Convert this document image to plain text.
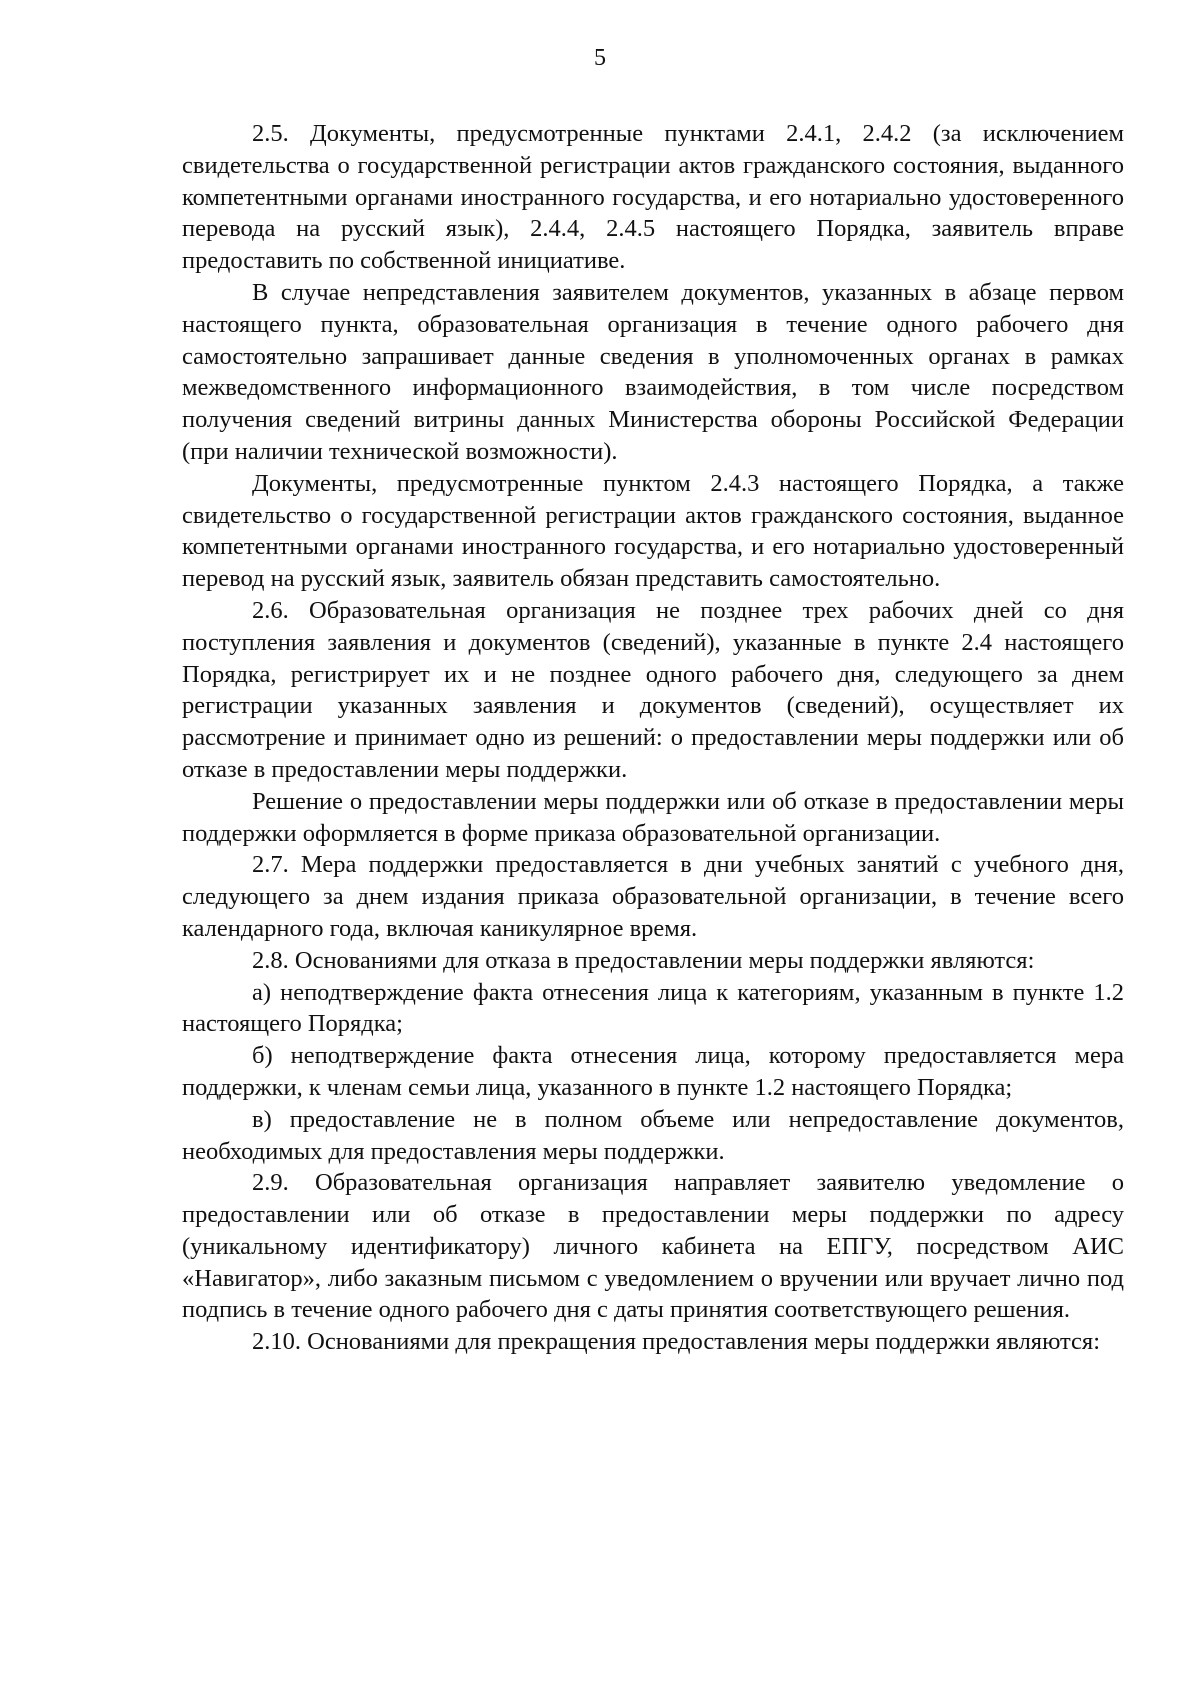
5

2.5. Документы, предусмотренные пунктами 2.4.1, 2.4.2 (за исключением свидетельства о государственной регистрации актов гражданского состояния, выданного компетентными органами иностранного государства, и его нотариально удостоверенного перевода на русский язык), 2.4.4, 2.4.5 настоящего Порядка, заявитель вправе предоставить по собственной инициативе.

В случае непредставления заявителем документов, указанных в абзаце первом настоящего пункта, образовательная организация в течение одного рабочего дня самостоятельно запрашивает данные сведения в уполномоченных органах в рамках межведомственного информационного взаимодействия, в том числе посредством получения сведений витрины данных Министерства обороны Российской Федерации (при наличии технической возможности).

Документы, предусмотренные пунктом 2.4.3 настоящего Порядка, а также свидетельство о государственной регистрации актов гражданского состояния, выданное компетентными органами иностранного государства, и его нотариально удостоверенный перевод на русский язык, заявитель обязан представить самостоятельно.

2.6. Образовательная организация не позднее трех рабочих дней со дня поступления заявления и документов (сведений), указанные в пункте 2.4 настоящего Порядка, регистрирует их и не позднее одного рабочего дня, следующего за днем регистрации указанных заявления и документов (сведений), осуществляет их рассмотрение и принимает одно из решений: о предоставлении меры поддержки или об отказе в предоставлении меры поддержки.

Решение о предоставлении меры поддержки или об отказе в предоставлении меры поддержки оформляется в форме приказа образовательной организации.

2.7. Мера поддержки предоставляется в дни учебных занятий с учебного дня, следующего за днем издания приказа образовательной организации, в течение всего календарного года, включая каникулярное время.

2.8. Основаниями для отказа в предоставлении меры поддержки являются:

а) неподтверждение факта отнесения лица к категориям, указанным в пункте 1.2 настоящего Порядка;

б) неподтверждение факта отнесения лица, которому предоставляется мера поддержки, к членам семьи лица, указанного в пункте 1.2 настоящего Порядка;

в) предоставление не в полном объеме или непредоставление документов, необходимых для предоставления меры поддержки.

2.9. Образовательная организация направляет заявителю уведомление о предоставлении или об отказе в предоставлении меры поддержки по адресу (уникальному идентификатору) личного кабинета на ЕПГУ, посредством АИС «Навигатор», либо заказным письмом с уведомлением о вручении или вручает лично под подпись в течение одного рабочего дня с даты принятия соответствующего решения.

2.10. Основаниями для прекращения предоставления меры поддержки являются:
